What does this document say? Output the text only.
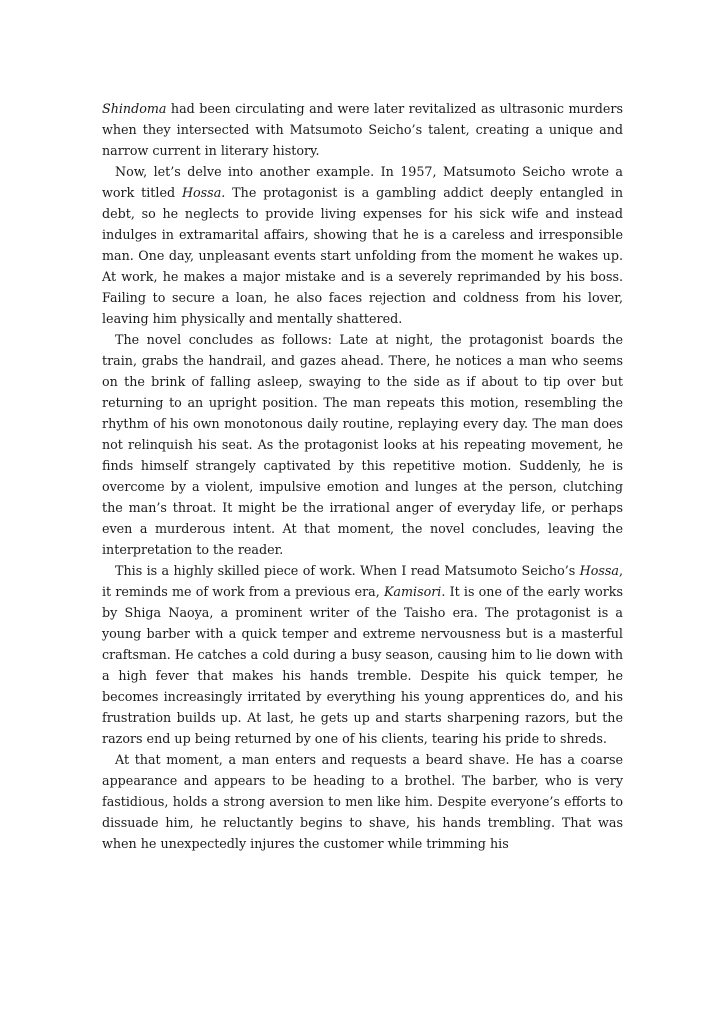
Shindoma had been circulating and were later revitalized as ultrasonic murders when they intersected with Matsumoto Seicho’s talent, creating a unique and narrow current in literary history.

Now, let’s delve into another example. In 1957, Matsumoto Seicho wrote a work titled Hossa. The protagonist is a gambling addict deeply entangled in debt, so he neglects to provide living expenses for his sick wife and instead indulges in extramarital affairs, showing that he is a careless and irresponsible man. One day, unpleasant events start unfolding from the moment he wakes up. At work, he makes a major mistake and is a severely reprimanded by his boss. Failing to secure a loan, he also faces rejection and coldness from his lover, leaving him physically and mentally shattered.

The novel concludes as follows: Late at night, the protagonist boards the train, grabs the handrail, and gazes ahead. There, he notices a man who seems on the brink of falling asleep, swaying to the side as if about to tip over but returning to an upright position. The man repeats this motion, resembling the rhythm of his own monotonous daily routine, replaying every day. The man does not relinquish his seat. As the protagonist looks at his repeating movement, he finds himself strangely captivated by this repetitive motion. Suddenly, he is overcome by a violent, impulsive emotion and lunges at the person, clutching the man’s throat. It might be the irrational anger of everyday life, or perhaps even a murderous intent. At that moment, the novel concludes, leaving the interpretation to the reader.

This is a highly skilled piece of work. When I read Matsumoto Seicho’s Hossa, it reminds me of work from a previous era, Kamisori. It is one of the early works by Shiga Naoya, a prominent writer of the Taisho era. The protagonist is a young barber with a quick temper and extreme nervousness but is a masterful craftsman. He catches a cold during a busy season, causing him to lie down with a high fever that makes his hands tremble. Despite his quick temper, he becomes increasingly irritated by everything his young apprentices do, and his frustration builds up. At last, he gets up and starts sharpening razors, but the razors end up being returned by one of his clients, tearing his pride to shreds.

At that moment, a man enters and requests a beard shave. He has a coarse appearance and appears to be heading to a brothel. The barber, who is very fastidious, holds a strong aversion to men like him. Despite everyone’s efforts to dissuade him, he reluctantly begins to shave, his hands trembling. That was when he unexpectedly injures the customer while trimming his
